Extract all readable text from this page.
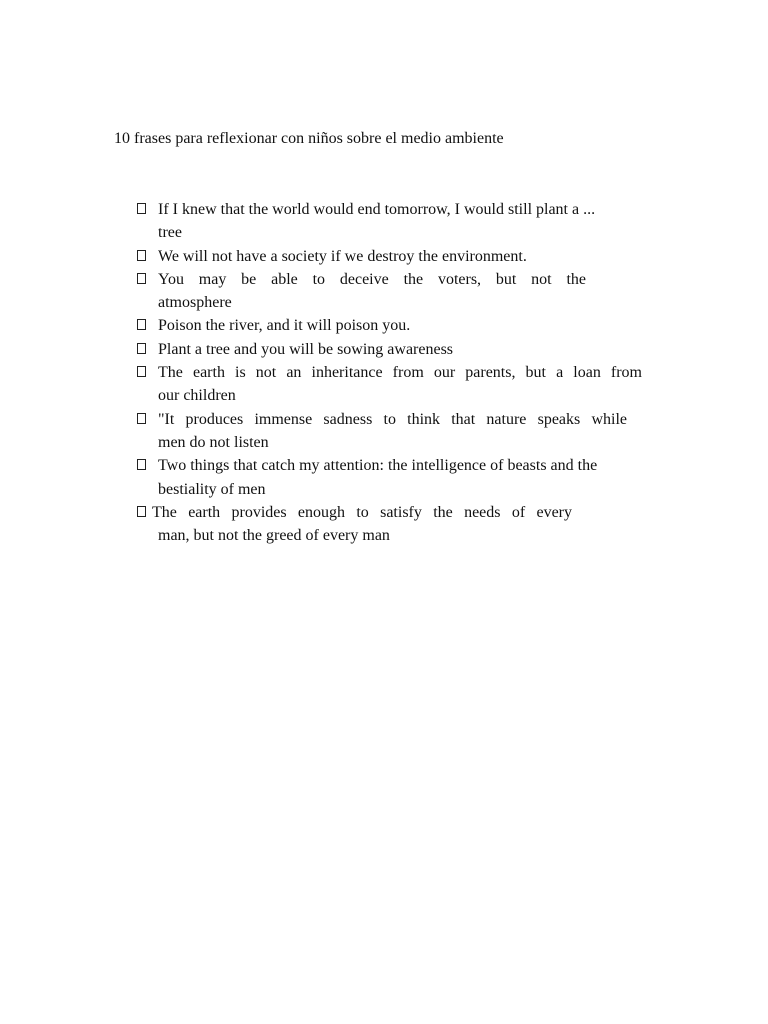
10 frases para reflexionar con niños sobre el medio ambiente
If I knew that the world would end tomorrow, I would still plant a ...
tree
We will not have a society if we destroy the environment.
You may be able to deceive the voters, but not the
atmosphere
Poison the river, and it will poison you.
Plant a tree and you will be sowing awareness
The earth is not an inheritance from our parents, but a loan from
our children
"It produces immense sadness to think that nature speaks while
men do not listen
Two things that catch my attention: the intelligence of beasts and the
bestiality of men
The earth provides enough to satisfy the needs of every
man, but not the greed of every man
